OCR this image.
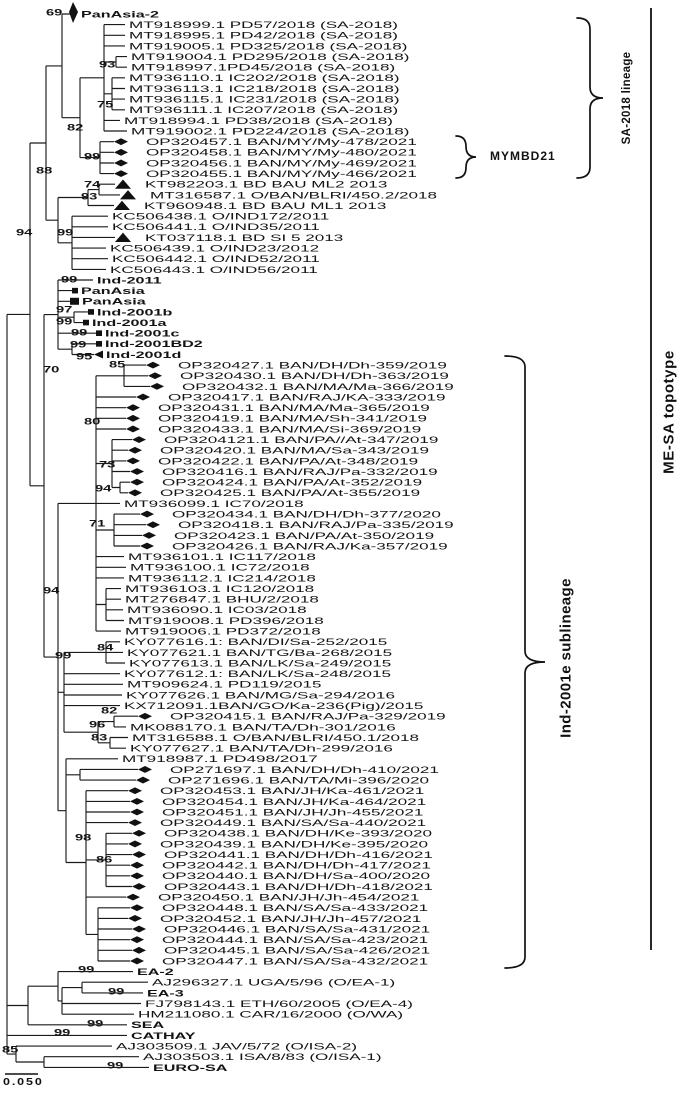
PanAsia-2
MT918999.1 PD57/2018 (SA-2018)
MT918995.1 PD42/2018 (SA-2018)
MT919005.1 PD325/2018 (SA-2018)
MT919004.1 PD295/2018 (SA-2018)
MT918997.1PD45/2018 (SA-2018)
MT936110.1 IC202/2018 (SA-2018)
MT936113.1 IC218/2018 (SA-2018)
MT936115.1 IC231/2018 (SA-2018)
MT936111.1 IC207/2018 (SA-2018)
MT918994.1 PD38/2018 (SA-2018)
MT919002.1 PD224/2018 (SA-2018)
OP320457.1 BAN/MY/My-478/2021
OP320458.1 BAN/MY/My-480/2021
OP320456.1 BAN/MY/My-469/2021
OP320455.1 BAN/MY/My-466/2021
KT982203.1 BD BAU ML2 2013
MT316587.1 O/BAN/BLRI/450.2/2018
KT960948.1 BD BAU ML1 2013
KC506438.1 O/IND172/2011
KC506441.1 O/IND35/2011
KT037118.1 BD SI 5 2013
KC506439.1 O/IND23/2012
KC506442.1 O/IND52/2011
KC506443.1 O/IND56/2011
Ind-2011
PanAsia
PanAsia
Ind-2001b
Ind-2001a
Ind-2001c
Ind-2001BD2
Ind-2001d
OP320427.1 BAN/DH/Dh-359/2019
OP320430.1 BAN/DH/Dh-363/2019
OP320432.1 BAN/MA/Ma-366/2019
OP320417.1 BAN/RAJ/KA-333/2019
OP320431.1 BAN/MA/Ma-365/2019
OP320419.1 BAN/MA/Sh-341/2019
OP320433.1 BAN/MA/Si-369/2019
OP3204121.1 BAN/PA//At-347/2019
OP320420.1 BAN/MA/Sa-343/2019
OP320422.1 BAN/PA/At-348/2019
OP320416.1 BAN/RAJ/Pa-332/2019
OP320424.1 BAN/PA/At-352/2019
OP320425.1 BAN/PA/At-355/2019
MT936099.1 IC70/2018
OP320434.1 BAN/DH/Dh-377/2020
OP320418.1 BAN/RAJ/Pa-335/2019
OP320423.1 BAN/PA/At-350/2019
OP320426.1 BAN/RAJ/Ka-357/2019
MT936101.1 IC117/2018
MT936100.1 IC72/2018
MT936112.1 IC214/2018
MT936103.1 IC120/2018
MT276847.1 BHU/2/2018
MT936090.1 IC03/2018
MT919008.1 PD396/2018
MT919006.1 PD372/2018
KY077616.1: BAN/DI/Sa-252/2015
KY077621.1 BAN/TG/Ba-268/2015
KY077613.1 BAN/LK/Sa-249/2015
KY077612.1: BAN/LK/Sa-248/2015
MT909624.1 PD119/2015
KY077626.1 BAN/MG/Sa-294/2016
KX712091.1BAN/GO/Ka-236(Pig)/2015
OP320415.1 BAN/RAJ/Pa-329/2019
MK088170.1 BAN/TA/Dh-301/2016
MT316588.1 O/BAN/BLRI/450.1/2018
KY077627.1 BAN/TA/Dh-299/2016
MT918987.1 PD498/2017
OP271697.1 BAN/DH/Dh-410/2021
OP271696.1 BAN/TA/Mi-396/2020
OP320453.1 BAN/JH/Ka-461/2021
OP320454.1 BAN/JH/Ka-464/2021
OP320451.1 BAN/JH/Jh-455/2021
OP320449.1 BAN/SA/Sa-440/2021
OP320438.1 BAN/DH/Ke-393/2020
OP320439.1 BAN/DH/Ke-395/2020
OP320441.1 BAN/DH/Dh-416/2021
OP320442.1 BAN/DH/Dh-417/2021
OP320440.1 BAN/DH/Sa-400/2020
OP320443.1 BAN/DH/Dh-418/2021
OP320450.1 BAN/JH/Jh-454/2021
OP320448.1 BAN/SA/Sa-433/2021
OP320452.1 BAN/JH/Jh-457/2021
OP320446.1 BAN/SA/Sa-431/2021
OP320444.1 BAN/SA/Sa-423/2021
OP320445.1 BAN/SA/Sa-426/2021
OP320447.1 BAN/SA/Sa-432/2021
EA-2
AJ296327.1 UGA/5/96 (O/EA-1)
EA-3
FJ798143.1 ETH/60/2005 (O/EA-4)
HM211080.1 CAR/16/2000 (O/WA)
SEA
CATHAY
AJ303509.1 JAV/5/72 (O/ISA-2)
AJ303503.1 ISA/8/83 (O/ISA-1)
EURO-SA
69
93
75
82
99
88
74
93
94	99
99
97
99
99
99
95
70	85
80
73
94
71
94
84
99
82
96
83
98
86
99
99
99
99
85
99
ME-SA topotype
SA-2018 lineage
Ind-2001e sublineage
MYMBD21
0.050
